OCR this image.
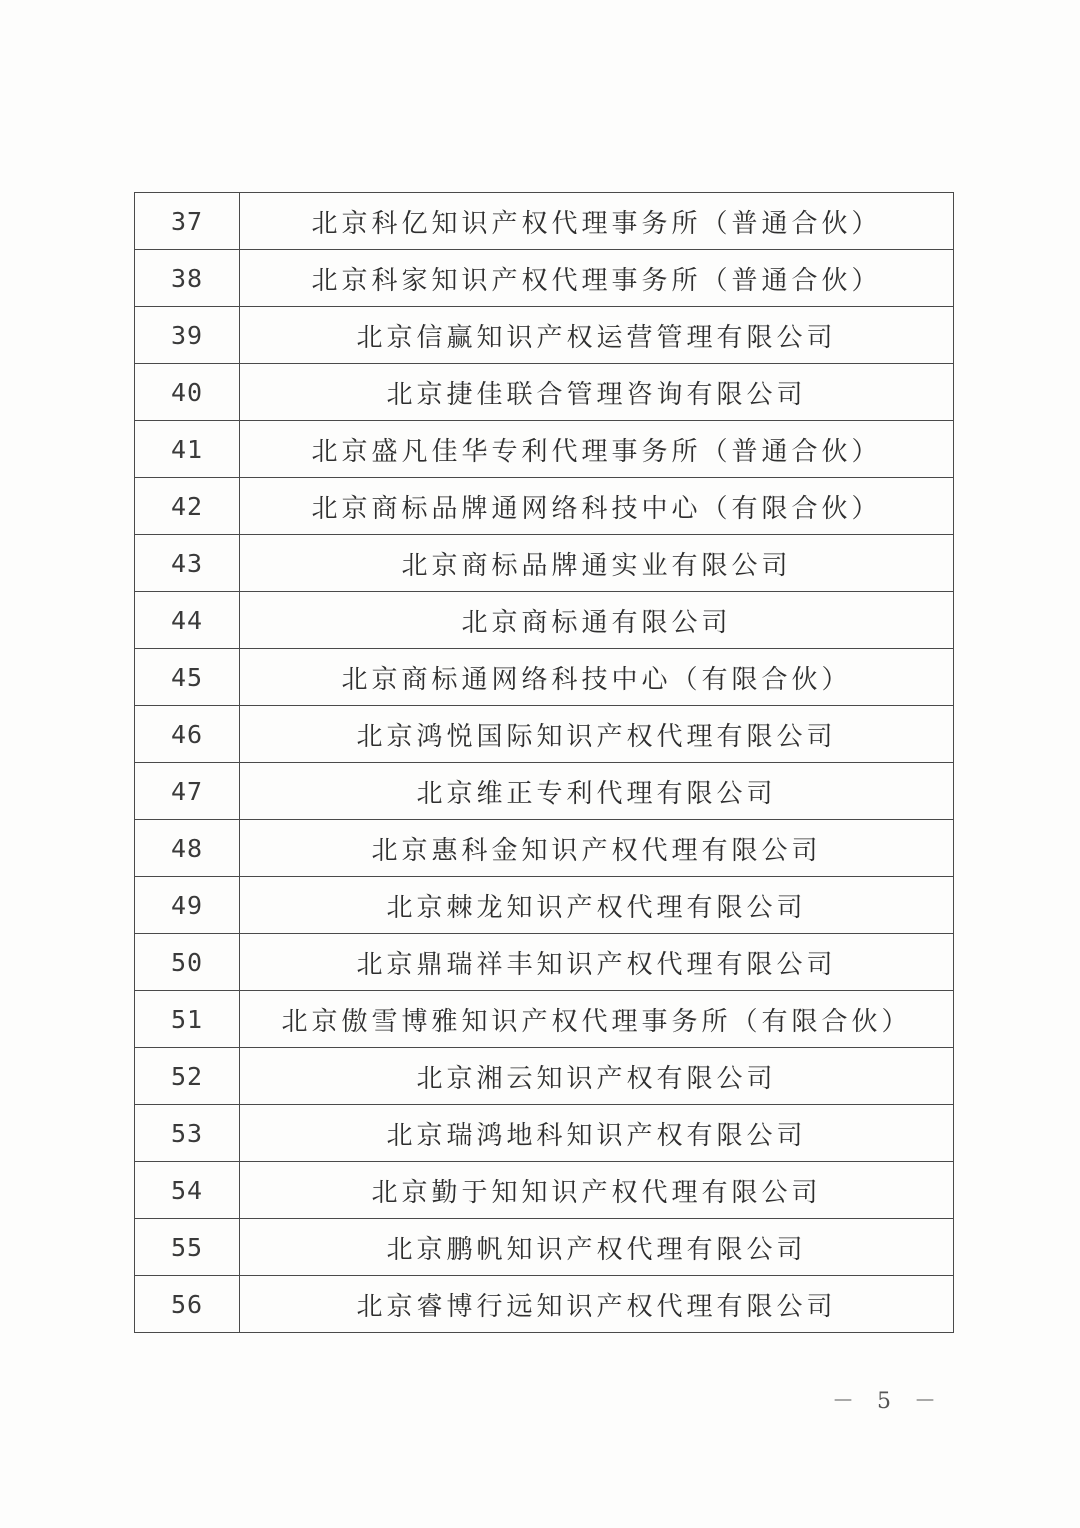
37	北京科亿知识产权代理事务所（普通合伙）
38	北京科家知识产权代理事务所（普通合伙）
39	北京信赢知识产权运营管理有限公司
40	北京捷佳联合管理咨询有限公司
41	北京盛凡佳华专利代理事务所（普通合伙）
42	北京商标品牌通网络科技中心（有限合伙）
43	北京商标品牌通实业有限公司
44	北京商标通有限公司
45	北京商标通网络科技中心（有限合伙）
46	北京鸿悦国际知识产权代理有限公司
47	北京维正专利代理有限公司
48	北京惠科金知识产权代理有限公司
49	北京棘龙知识产权代理有限公司
50	北京鼎瑞祥丰知识产权代理有限公司
51	北京傲雪博雅知识产权代理事务所（有限合伙）
52	北京湘云知识产权有限公司
53	北京瑞鸿地科知识产权有限公司
54	北京勤于知知识产权代理有限公司
55	北京鹏帆知识产权代理有限公司
56	北京睿博行远知识产权代理有限公司
－ 5 －
